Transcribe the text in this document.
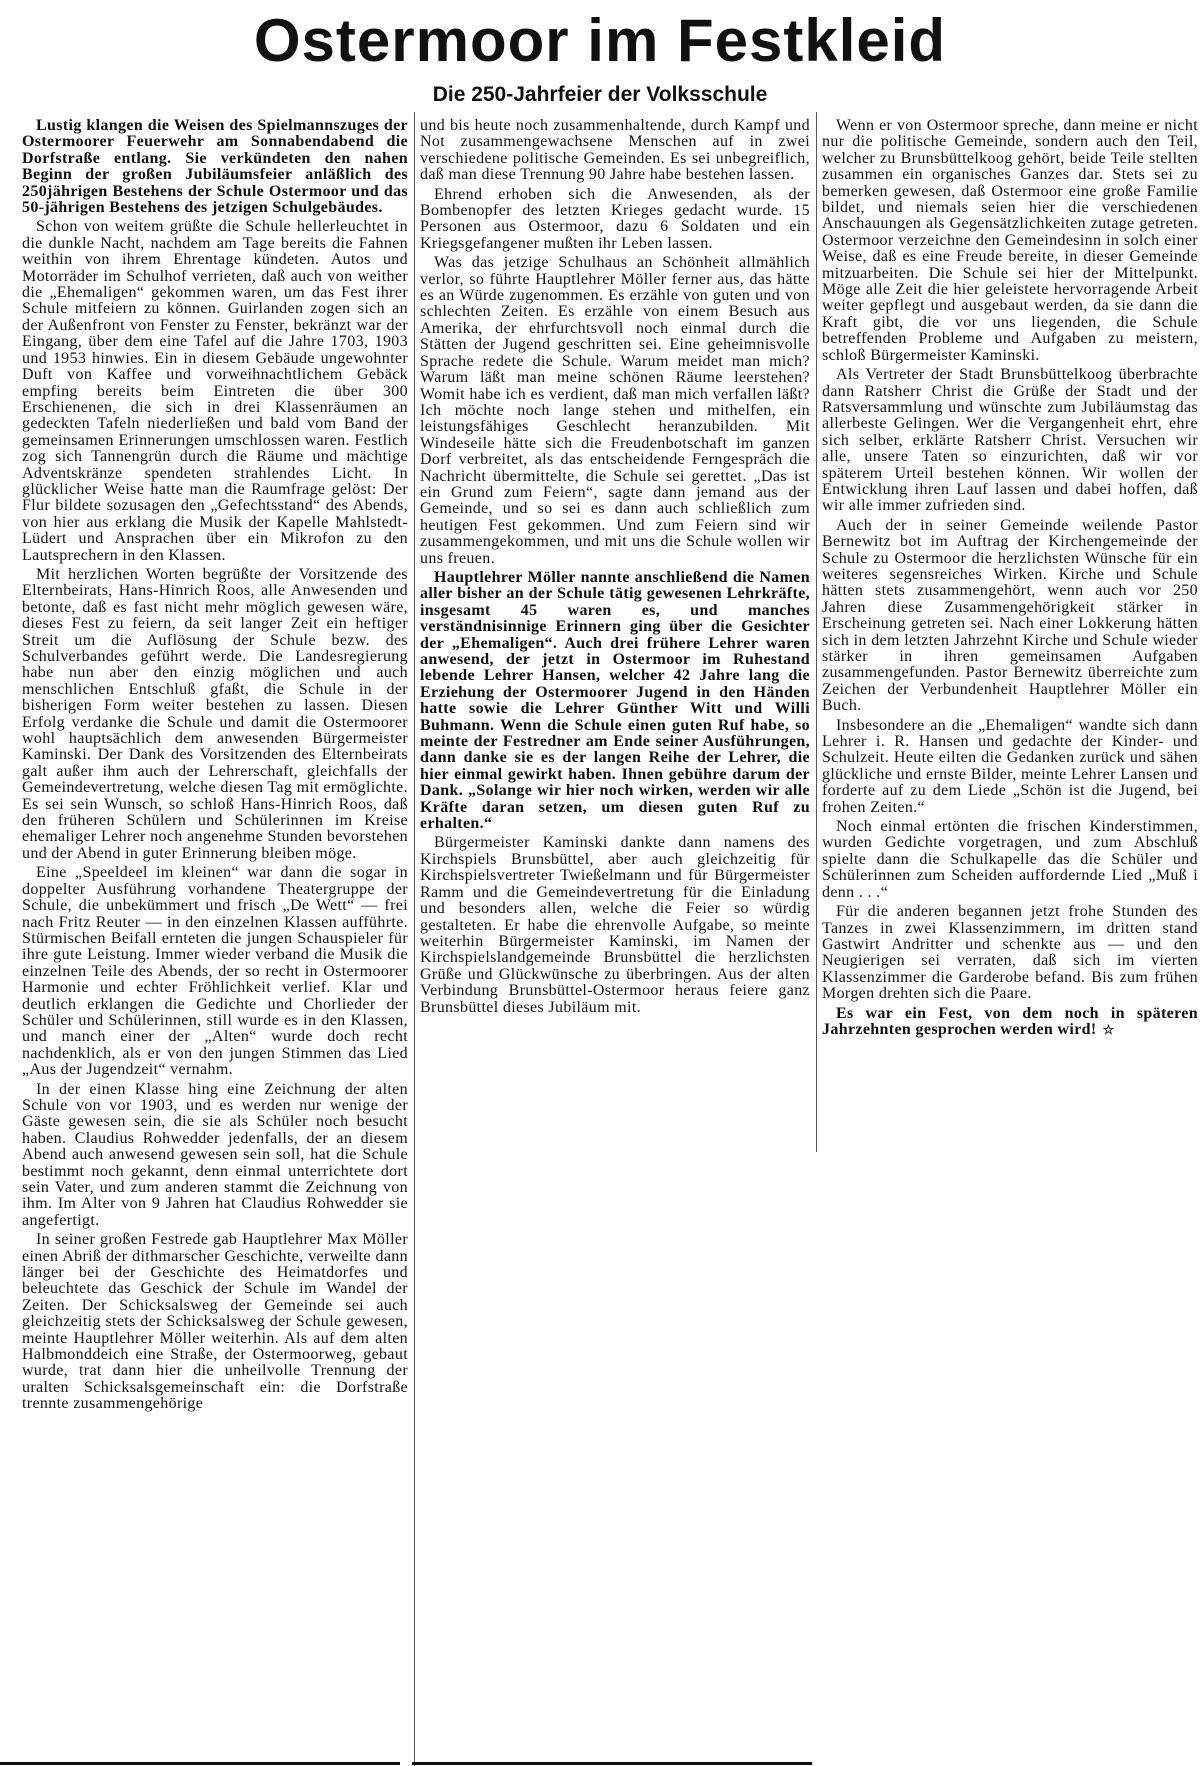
Ostermoor im Festkleid
Die 250-Jahrfeier der Volksschule

Lustig klangen die Weisen des Spielmannszuges der Ostermoorer Feuerwehr am Sonnabendabend die Dorfstraße entlang. Sie verkündeten den nahen Beginn der großen Jubiläumsfeier anläßlich des 250jährigen Bestehens der Schule Ostermoor und das 50-jährigen Bestehens des jetzigen Schulgebäudes.

Schon von weitem grüßte die Schule hellerleuchtet in die dunkle Nacht, nachdem am Tage bereits die Fahnen weithin von ihrem Ehrentage kündeten. Autos und Motorräder im Schulhof verrieten, daß auch von weither die „Ehemaligen“ gekommen waren, um das Fest ihrer Schule mitfeiern zu können. Guirlanden zogen sich an der Außenfront von Fenster zu Fenster, bekränzt war der Eingang, über dem eine Tafel auf die Jahre 1703, 1903 und 1953 hinwies. Ein in diesem Gebäude ungewohnter Duft von Kaffee und vorweihnachtlichem Gebäck empfing bereits beim Eintreten die über 300 Erschienenen, die sich in drei Klassenräumen an gedeckten Tafeln niederließen und bald vom Band der gemeinsamen Erinnerungen umschlossen waren. Festlich zog sich Tannengrün durch die Räume und mächtige Adventskränze spendeten strahlendes Licht. In glücklicher Weise hatte man die Raumfrage gelöst: Der Flur bildete sozusagen den „Gefechtsstand“ des Abends, von hier aus erklang die Musik der Kapelle Mahlstedt-Lüdert und Ansprachen über ein Mikrofon zu den Lautsprechern in den Klassen.

Mit herzlichen Worten begrüßte der Vorsitzende des Elternbeirats, Hans-Hinrich Roos, alle Anwesenden und betonte, daß es fast nicht mehr möglich gewesen wäre, dieses Fest zu feiern, da seit langer Zeit ein heftiger Streit um die Auflösung der Schule bezw. des Schulverbandes geführt werde. Die Landesregierung habe nun aber den einzig möglichen und auch menschlichen Entschluß gfaßt, die Schule in der bisherigen Form weiter bestehen zu lassen. Diesen Erfolg verdanke die Schule und damit die Ostermoorer wohl hauptsächlich dem anwesenden Bürgermeister Kaminski. Der Dank des Vorsitzenden des Elternbeirats galt außer ihm auch der Lehrerschaft, gleichfalls der Gemeindevertretung, welche diesen Tag mit ermöglichte. Es sei sein Wunsch, so schloß Hans-Hinrich Roos, daß den früheren Schülern und Schülerinnen im Kreise ehemaliger Lehrer noch angenehme Stunden bevorstehen und der Abend in guter Erinnerung bleiben möge.

Eine „Speeldeel im kleinen“ war dann die sogar in doppelter Ausführung vorhandene Theatergruppe der Schule, die unbekümmert und frisch „De Wett“ — frei nach Fritz Reuter — in den einzelnen Klassen aufführte. Stürmischen Beifall ernteten die jungen Schauspieler für ihre gute Leistung. Immer wieder verband die Musik die einzelnen Teile des Abends, der so recht in Ostermoorer Harmonie und echter Fröhlichkeit verlief. Klar und deutlich erklangen die Gedichte und Chorlieder der Schüler und Schülerinnen, still wurde es in den Klassen, und manch einer der „Alten“ wurde doch recht nachdenklich, als er von den jungen Stimmen das Lied „Aus der Jugendzeit“ vernahm.

In der einen Klasse hing eine Zeichnung der alten Schule von vor 1903, und es werden nur wenige der Gäste gewesen sein, die sie als Schüler noch besucht haben. Claudius Rohwedder jedenfalls, der an diesem Abend auch anwesend gewesen sein soll, hat die Schule bestimmt noch gekannt, denn einmal unterrichtete dort sein Vater, und zum anderen stammt die Zeichnung von ihm. Im Alter von 9 Jahren hat Claudius Rohwedder sie angefertigt.

In seiner großen Festrede gab Hauptlehrer Max Möller einen Abriß der dithmarscher Geschichte, verweilte dann länger bei der Geschichte des Heimatdorfes und beleuchtete das Geschick der Schule im Wandel der Zeiten. Der Schicksalsweg der Gemeinde sei auch gleichzeitig stets der Schicksalsweg der Schule gewesen, meinte Hauptlehrer Möller weiterhin. Als auf dem alten Halbmonddeich eine Straße, der Ostermoorweg, gebaut wurde, trat dann hier die unheilvolle Trennung der uralten Schicksalsgemeinschaft ein: die Dorfstraße trennte zusammengehörige

und bis heute noch zusammenhaltende, durch Kampf und Not zusammengewachsene Menschen auf in zwei verschiedene politische Gemeinden. Es sei unbegreiflich, daß man diese Trennung 90 Jahre habe bestehen lassen.

Ehrend erhoben sich die Anwesenden, als der Bombenopfer des letzten Krieges gedacht wurde. 15 Personen aus Ostermoor, dazu 6 Soldaten und ein Kriegsgefangener mußten ihr Leben lassen.

Was das jetzige Schulhaus an Schönheit allmählich verlor, so führte Hauptlehrer Möller ferner aus, das hätte es an Würde zugenommen. Es erzähle von guten und von schlechten Zeiten. Es erzähle von einem Besuch aus Amerika, der ehrfurchtsvoll noch einmal durch die Stätten der Jugend geschritten sei. Eine geheimnisvolle Sprache redete die Schule. Warum meidet man mich? Warum läßt man meine schönen Räume leerstehen? Womit habe ich es verdient, daß man mich verfallen läßt? Ich möchte noch lange stehen und mithelfen, ein leistungsfähiges Geschlecht heranzubilden. Mit Windeseile hätte sich die Freudenbotschaft im ganzen Dorf verbreitet, als das entscheidende Ferngespräch die Nachricht übermittelte, die Schule sei gerettet. „Das ist ein Grund zum Feiern“, sagte dann jemand aus der Gemeinde, und so sei es dann auch schließlich zum heutigen Fest gekommen. Und zum Feiern sind wir zusammengekommen, und mit uns die Schule wollen wir uns freuen.

Hauptlehrer Möller nannte anschließend die Namen aller bisher an der Schule tätig gewesenen Lehrkräfte, insgesamt 45 waren es, und manches verständnisinnige Erinnern ging über die Gesichter der „Ehemaligen“. Auch drei frühere Lehrer waren anwesend, der jetzt in Ostermoor im Ruhestand lebende Lehrer Hansen, welcher 42 Jahre lang die Erziehung der Ostermoorer Jugend in den Händen hatte sowie die Lehrer Günther Witt und Willi Buhmann. Wenn die Schule einen guten Ruf habe, so meinte der Festredner am Ende seiner Ausführungen, dann danke sie es der langen Reihe der Lehrer, die hier einmal gewirkt haben. Ihnen gebühre darum der Dank. „Solange wir hier noch wirken, werden wir alle Kräfte daran setzen, um diesen guten Ruf zu erhalten.“

Bürgermeister Kaminski dankte dann namens des Kirchspiels Brunsbüttel, aber auch gleichzeitig für Kirchspielsvertreter Twießelmann und für Bürgermeister Ramm und die Gemeindevertretung für die Einladung und besonders allen, welche die Feier so würdig gestalteten. Er habe die ehrenvolle Aufgabe, so meinte weiterhin Bürgermeister Kaminski, im Namen der Kirchspielslandgemeinde Brunsbüttel die herzlichsten Grüße und Glückwünsche zu überbringen. Aus der alten Verbindung Brunsbüttel-Ostermoor heraus feiere ganz Brunsbüttel dieses Jubiläum mit.

Wenn er von Ostermoor spreche, dann meine er nicht nur die politische Gemeinde, sondern auch den Teil, welcher zu Brunsbüttelkoog gehört, beide Teile stellten zusammen ein organisches Ganzes dar. Stets sei zu bemerken gewesen, daß Ostermoor eine große Familie bildet, und niemals seien hier die verschiedenen Anschauungen als Gegensätzlichkeiten zutage getreten. Ostermoor verzeichne den Gemeindesinn in solch einer Weise, daß es eine Freude bereite, in dieser Gemeinde mitzuarbeiten. Die Schule sei hier der Mittelpunkt. Möge alle Zeit die hier geleistete hervorragende Arbeit weiter gepflegt und ausgebaut werden, da sie dann die Kraft gibt, die vor uns liegenden, die Schule betreffenden Probleme und Aufgaben zu meistern, schloß Bürgermeister Kaminski.

Als Vertreter der Stadt Brunsbüttelkoog überbrachte dann Ratsherr Christ die Grüße der Stadt und der Ratsversammlung und wünschte zum Jubiläumstag das allerbeste Gelingen. Wer die Vergangenheit ehrt, ehre sich selber, erklärte Ratsherr Christ. Versuchen wir alle, unsere Taten so einzurichten, daß wir vor späterem Urteil bestehen können. Wir wollen der Entwicklung ihren Lauf lassen und dabei hoffen, daß wir alle immer zufrieden sind.

Auch der in seiner Gemeinde weilende Pastor Bernewitz bot im Auftrag der Kirchengemeinde der Schule zu Ostermoor die herzlichsten Wünsche für ein weiteres segensreiches Wirken. Kirche und Schule hätten stets zusammengehört, wenn auch vor 250 Jahren diese Zusammengehörigkeit stärker in Erscheinung getreten sei. Nach einer Lokkerung hätten sich in dem letzten Jahrzehnt Kirche und Schule wieder stärker in ihren gemeinsamen Aufgaben zusammengefunden. Pastor Bernewitz überreichte zum Zeichen der Verbundenheit Hauptlehrer Möller ein Buch.

Insbesondere an die „Ehemaligen“ wandte sich dann Lehrer i. R. Hansen und gedachte der Kinder- und Schulzeit. Heute eilten die Gedanken zurück und sähen glückliche und ernste Bilder, meinte Lehrer Lansen und forderte auf zu dem Liede „Schön ist die Jugend, bei frohen Zeiten.“

Noch einmal ertönten die frischen Kinderstimmen, wurden Gedichte vorgetragen, und zum Abschluß spielte dann die Schulkapelle das die Schüler und Schülerinnen zum Scheiden auffordernde Lied „Muß i denn . . .“

Für die anderen begannen jetzt frohe Stunden des Tanzes in zwei Klassenzimmern, im dritten stand Gastwirt Andritter und schenkte aus — und den Neugierigen sei verraten, daß sich im vierten Klassenzimmer die Garderobe befand. Bis zum frühen Morgen drehten sich die Paare.

Es war ein Fest, von dem noch in späteren Jahrzehnten gesprochen werden wird! ☆
